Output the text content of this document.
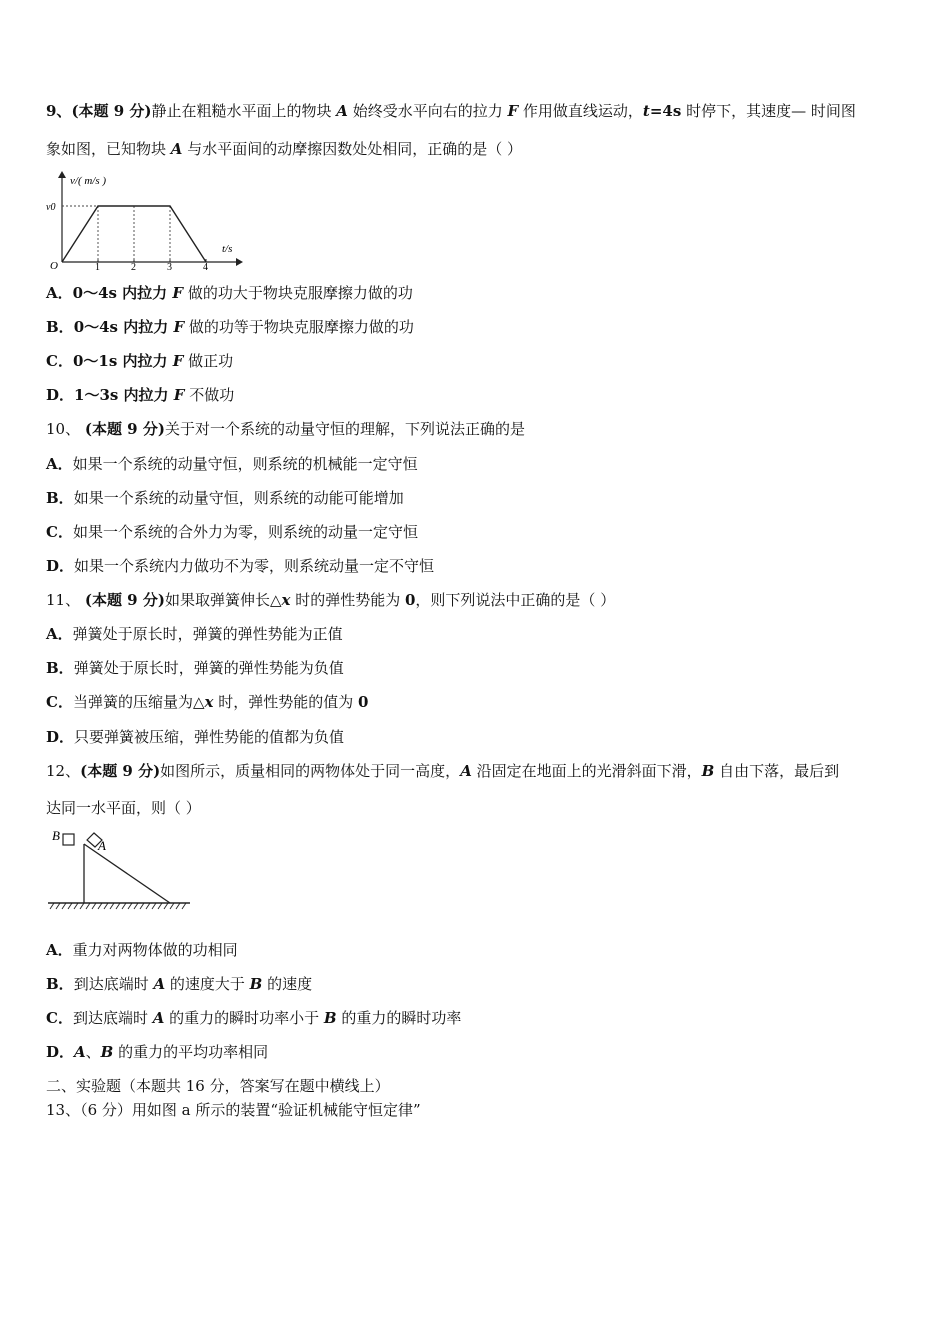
9、(本题 9 分)静止在粗糙水平面上的物块 A 始终受水平向右的拉力 F 作用做直线运动，t=4s 时停下，其速度— 时间图
象如图，已知物块 A 与水平面间的动摩擦因数处处相同，正确的是（ ）
v/( m/s )
t/s
O
v0
1	2	3	4
A．0～4s 内拉力 F 做的功大于物块克服摩擦力做的功
B．0～4s 内拉力 F 做的功等于物块克服摩擦力做的功
C．0～1s 内拉力 F 做正功
D．1～3s 内拉力 F 不做功
10、 (本题 9 分)关于对一个系统的动量守恒的理解，下列说法正确的是
A．如果一个系统的动量守恒，则系统的机械能一定守恒
B．如果一个系统的动量守恒，则系统的动能可能增加
C．如果一个系统的合外力为零，则系统的动量一定守恒
D．如果一个系统内力做功不为零，则系统动量一定不守恒
11、 (本题 9 分)如果取弹簧伸长△x 时的弹性势能为 0，则下列说法中正确的是（ ）
A．弹簧处于原长时，弹簧的弹性势能为正值
B．弹簧处于原长时，弹簧的弹性势能为负值
C．当弹簧的压缩量为△x 时，弹性势能的值为 0
D．只要弹簧被压缩，弹性势能的值都为负值
12、(本题 9 分)如图所示，质量相同的两物体处于同一高度，A 沿固定在地面上的光滑斜面下滑，B 自由下落，最后到
达同一水平面，则（ ）
B
A
A．重力对两物体做的功相同
B．到达底端时 A 的速度大于 B 的速度
C．到达底端时 A 的重力的瞬时功率小于 B 的重力的瞬时功率
D．A、B 的重力的平均功率相同
二、实验题（本题共 16 分，答案写在题中横线上）
13、（6 分）用如图 a 所示的装置“验证机械能守恒定律”
